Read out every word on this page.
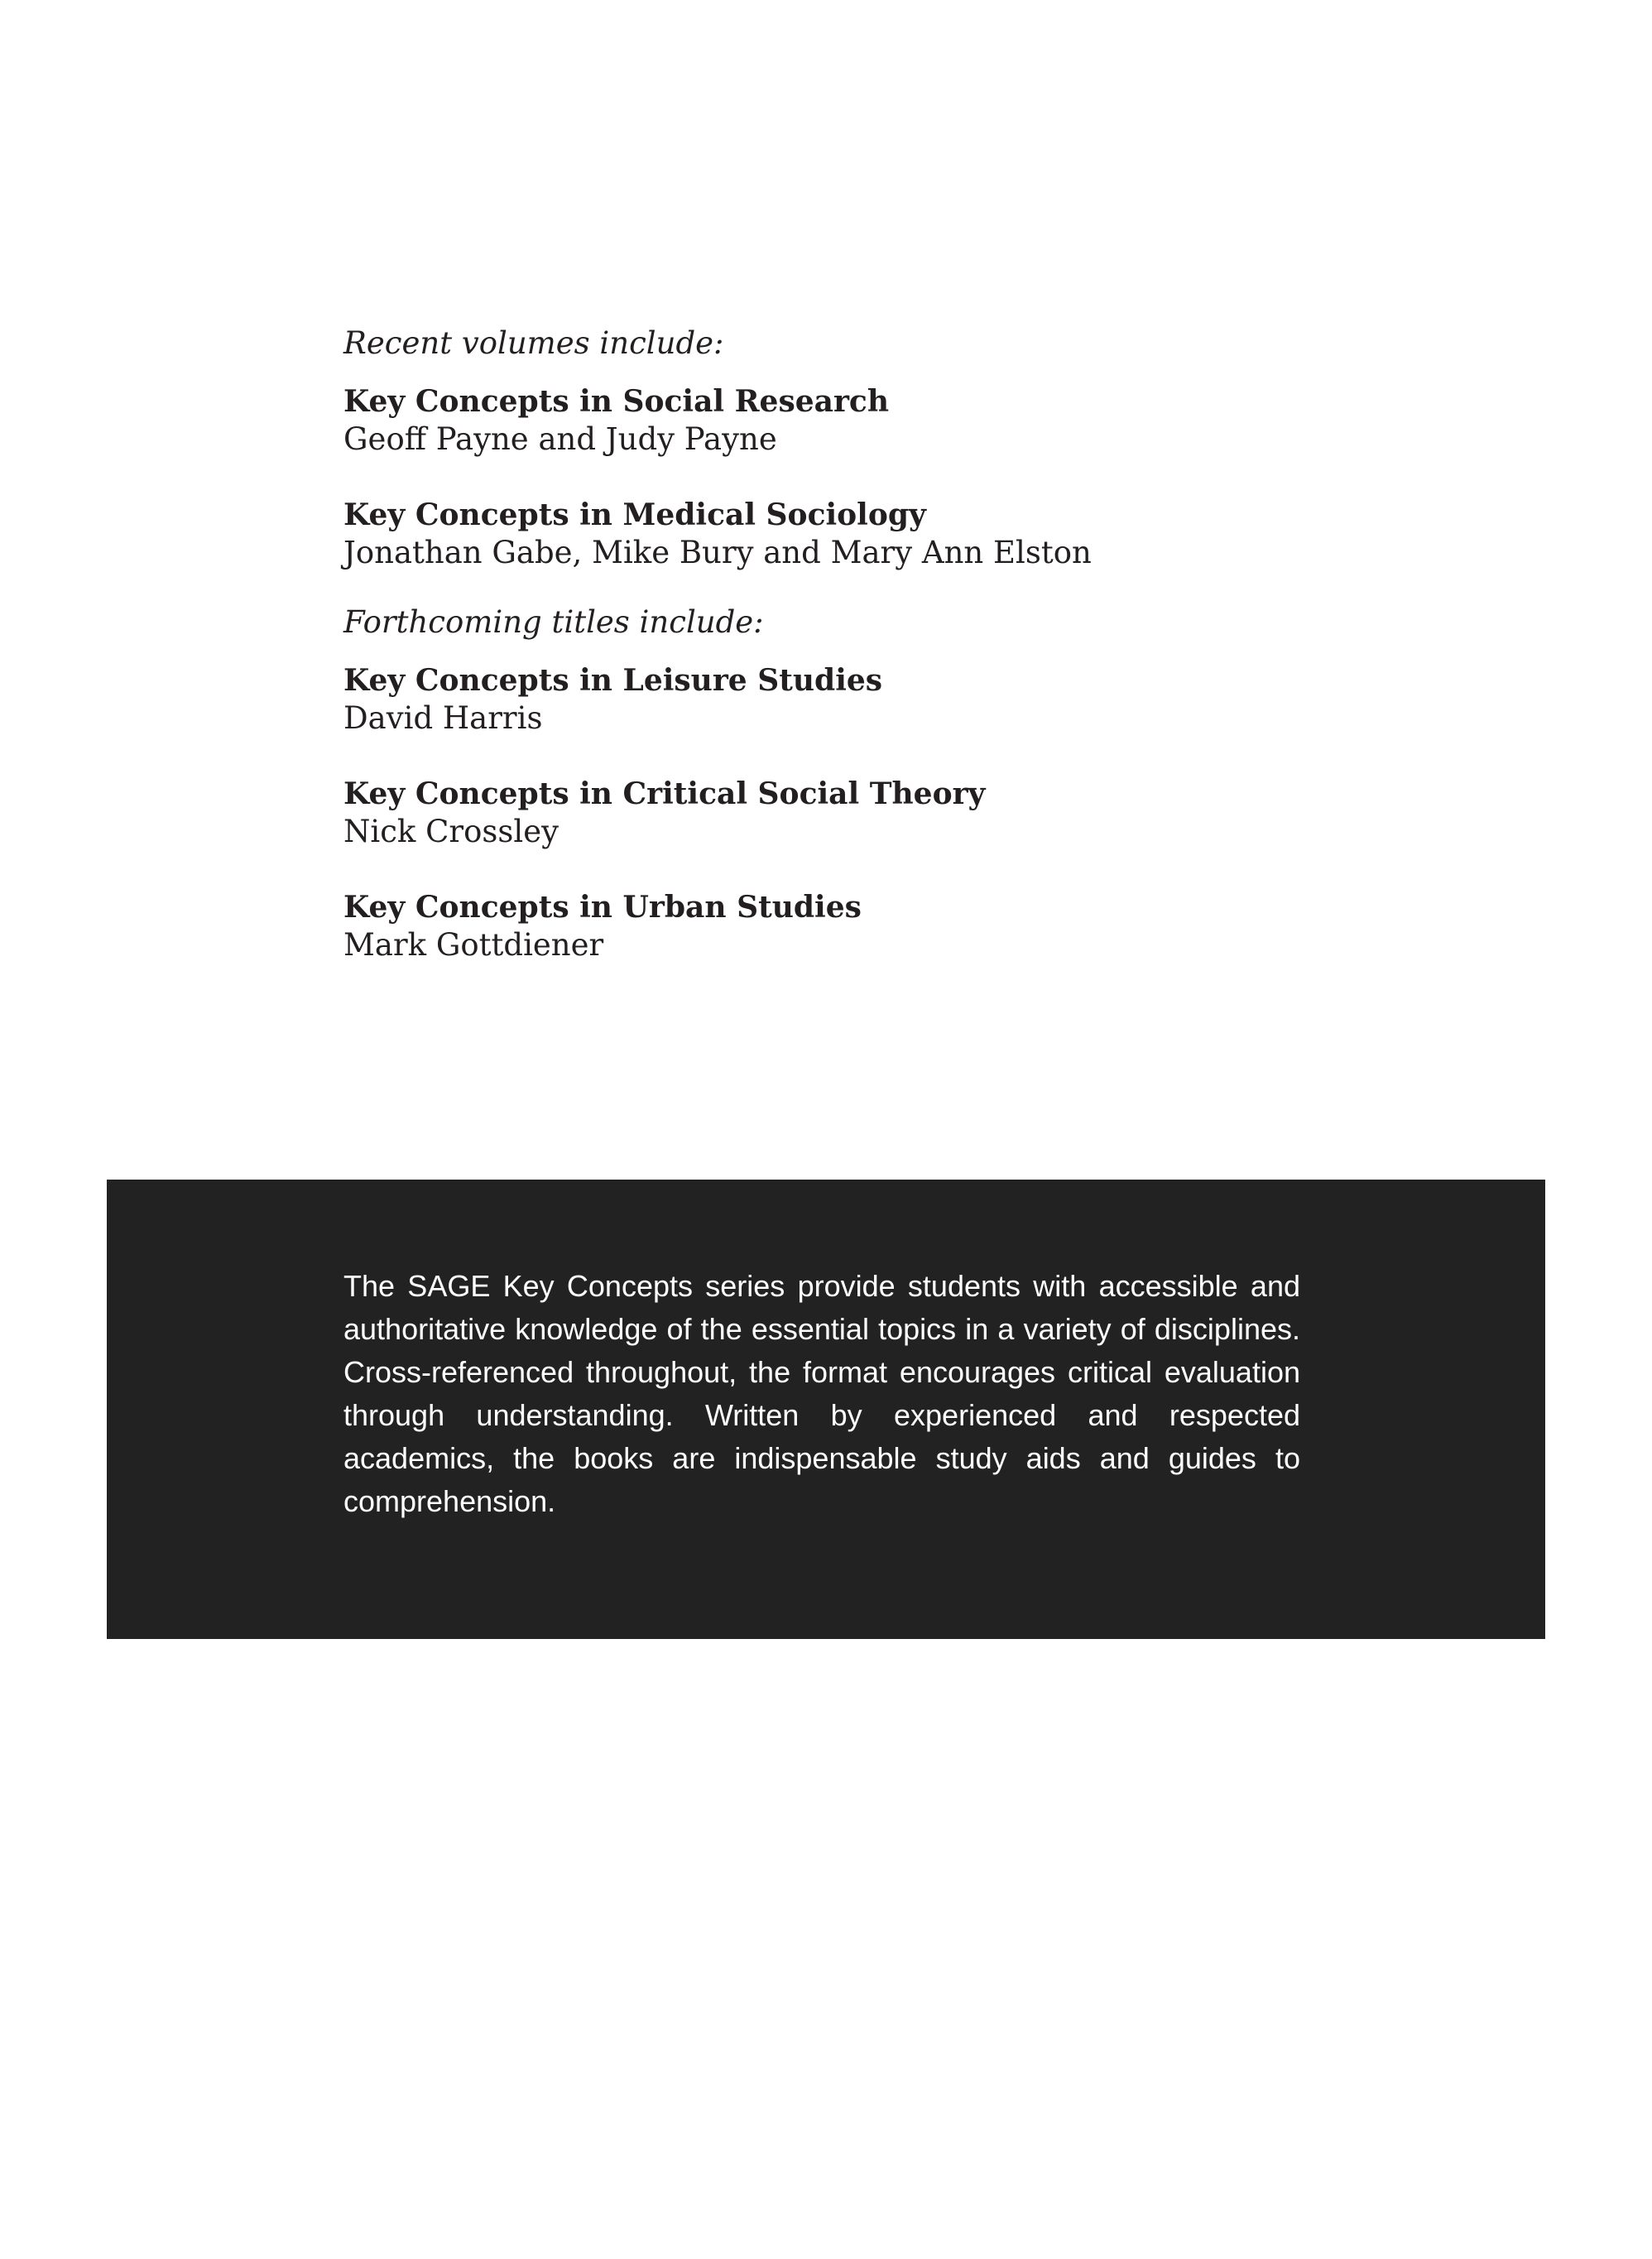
Recent volumes include:

Key Concepts in Social Research
Geoff Payne and Judy Payne
Key Concepts in Medical Sociology
Jonathan Gabe, Mike Bury and Mary Ann Elston

Forthcoming titles include:

Key Concepts in Leisure Studies
David Harris
Key Concepts in Critical Social Theory
Nick Crossley
Key Concepts in Urban Studies
Mark Gottdiener

The SAGE Key Concepts series provide students with accessible and authoritative knowledge of the essential topics in a variety of disciplines. Cross-referenced throughout, the format encourages critical evaluation through understanding. Written by experienced and respected academics, the books are indispensable study aids and guides to comprehension.
